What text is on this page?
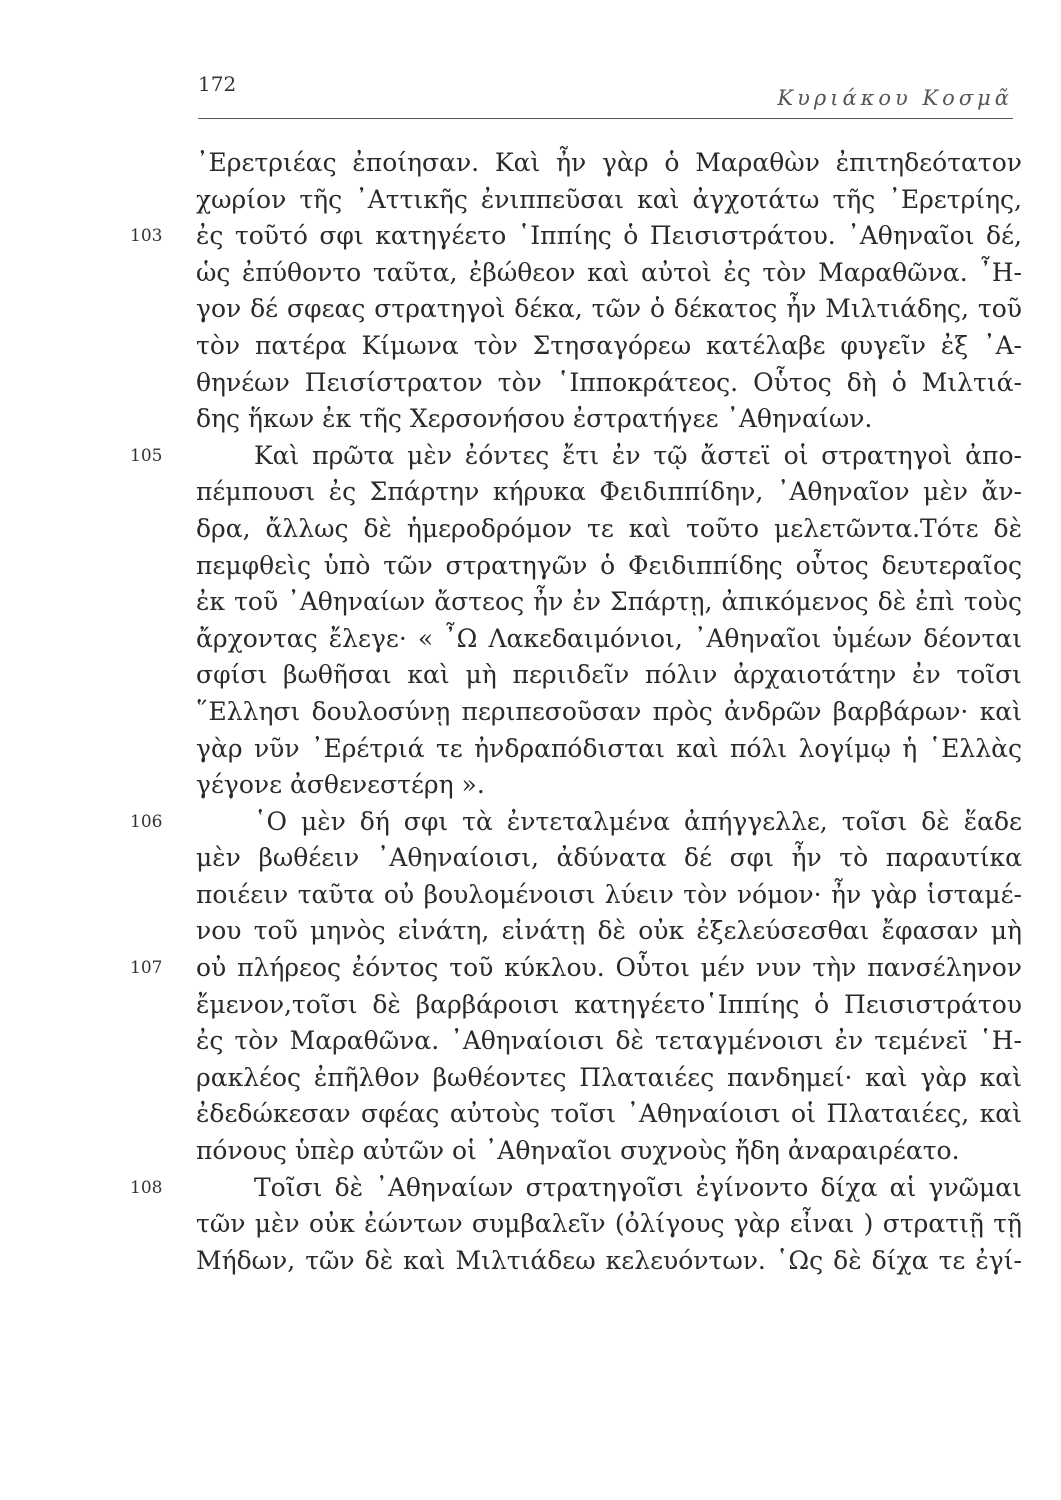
172
Κυριάκου Κοσμᾶ
᾿Ερετριέας ἐποίησαν. Καὶ ἦν γὰρ ὁ Μαραθὼν ἐπιτηδεότατον
χωρίον τῆς ᾿Αττικῆς ἐνιππεῦσαι καὶ ἀγχοτάτω τῆς ᾿Ερετρίης,
103 ἐς τοῦτό σφι κατηγέετο ῾Ιππίης ὁ Πεισιστράτου. ᾿Αθηναῖοι δέ,
ὡς ἐπύθοντο ταῦτα, ἐβώθεον καὶ αὐτοὶ ἐς τὸν Μαραθῶνα. ῏Η-
γον δέ σφεας στρατηγοὶ δέκα, τῶν ὁ δέκατος ἦν Μιλτιάδης, τοῦ
τὸν πατέρα Κίμωνα τὸν Στησαγόρεω κατέλαβε φυγεῖν ἐξ ᾿Α-
θηνέων Πεισίστρατον τὸν ῾Ιπποκράτεος. Οὗτος δὴ ὁ Μιλτιά-
δης ἥκων ἐκ τῆς Χερσονήσου ἐστρατήγεε ᾿Αθηναίων.
105	Καὶ πρῶτα μὲν ἐόντες ἔτι ἐν τῷ ἄστεϊ οἱ στρατηγοὶ ἀπο-
πέμπουσι ἐς Σπάρτην κήρυκα Φειδιππίδην, ᾿Αθηναῖον μὲν ἄν-
δρα, ἄλλως δὲ ἡμεροδρόμον τε καὶ τοῦτο μελετῶντα.Τότε δὲ
πεμφθεὶς ὑπὸ τῶν στρατηγῶν ὁ Φειδιππίδης οὗτος δευτεραῖος
ἐκ τοῦ ᾿Αθηναίων ἄστεος ἦν ἐν Σπάρτῃ, ἀπικόμενος δὲ ἐπὶ τοὺς
ἄρχοντας ἔλεγε· « ῏Ω Λακεδαιμόνιοι, ᾿Αθηναῖοι ὑμέων δέονται
σφίσι βωθῆσαι καὶ μὴ περιιδεῖν πόλιν ἀρχαιοτάτην ἐν τοῖσι
῞Ελλησι δουλοσύνῃ περιπεσοῦσαν πρὸς ἀνδρῶν βαρβάρων· καὶ
γὰρ νῦν ᾿Ερέτριά τε ἠνδραπόδισται καὶ πόλι λογίμῳ ἡ ῾Ελλὰς
γέγονε ἀσθενεστέρη ».
106	῾Ο μὲν δή σφι τὰ ἐντεταλμένα ἀπήγγελλε, τοῖσι δὲ ἕαδε
μὲν βωθέειν ᾿Αθηναίοισι, ἀδύνατα δέ σφι ἦν τὸ παραυτίκα
ποιέειν ταῦτα οὐ βουλομένοισι λύειν τὸν νόμον· ἦν γὰρ ἱσταμέ-
νου τοῦ μηνὸς εἰνάτη, εἰνάτῃ δὲ οὐκ ἐξελεύσεσθαι ἔφασαν μὴ
107 οὐ πλήρεος ἐόντος τοῦ κύκλου. Οὗτοι μέν νυν τὴν πανσέληνον
ἔμενον,τοῖσι δὲ βαρβάροισι κατηγέετο῾Ιππίης ὁ Πεισιστράτου
ἐς τὸν Μαραθῶνα. ᾿Αθηναίοισι δὲ τεταγμένοισι ἐν τεμένεϊ ῾Η-
ρακλέος ἐπῆλθον βωθέοντες Πλαταιέες πανδημεί· καὶ γὰρ καὶ
ἐδεδώκεσαν σφέας αὐτοὺς τοῖσι ᾿Αθηναίοισι οἱ Πλαταιέες, καὶ
πόνους ὑπὲρ αὐτῶν οἱ ᾿Αθηναῖοι συχνοὺς ἤδη ἀναραιρέατο.
108	Τοῖσι δὲ ᾿Αθηναίων στρατηγοῖσι ἐγίνοντο δίχα αἱ γνῶμαι
τῶν μὲν οὐκ ἐώντων συμβαλεῖν (ὀλίγους γὰρ εἶναι ) στρατιῇ τῇ
Μήδων, τῶν δὲ καὶ Μιλτιάδεω κελευόντων. ῾Ως δὲ δίχα τε ἐγί-
